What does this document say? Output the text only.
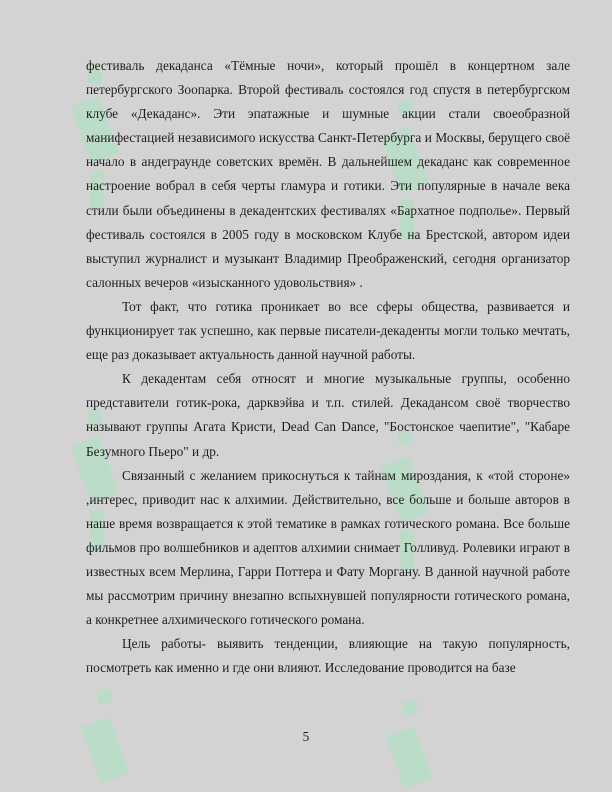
фестиваль декаданса «Тёмные ночи», который прошёл в концертном зале петербургского Зоопарка. Второй фестиваль состоялся год спустя в петербургском клубе «Декаданс». Эти эпатажные и шумные акции стали своеобразной манифестацией независимого искусства Санкт-Петербурга и Москвы, берущего своё начало в андеграунде советских времён. В дальнейшем декаданс как современное настроение вобрал в себя черты гламура и готики. Эти популярные в начале века стили были объединены в декадентских фестивалях «Бархатное подполье». Первый фестиваль состоялся в 2005 году в московском Клубе на Брестской, автором идеи выступил журналист и музыкант Владимир Преображенский, сегодня организатор салонных вечеров «изысканного удовольствия» .

Тот факт, что готика проникает во все сферы общества, развивается и функционирует так успешно, как первые писатели-декаденты могли только мечтать, еще раз доказывает актуальность данной научной работы.

К декадентам себя относят и многие музыкальные группы, особенно представители готик-рока, дарквэйва и т.п. стилей. Декадансом своё творчество называют группы Агата Кристи, Dead Can Dance, "Бостонское чаепитие", "Кабаре Безумного Пьеро" и др.

Связанный с желанием прикоснуться к тайнам мироздания, к «той стороне» ,интерес, приводит нас к алхимии. Действительно, все больше и больше авторов в наше время возвращается к этой тематике в рамках готического романа. Все больше фильмов про волшебников и адептов алхимии снимает Голливуд. Ролевики играют в известных всем Мерлина, Гарри Поттера и Фату Моргану. В данной научной работе мы рассмотрим причину внезапно вспыхнувшей популярности готического романа, а конкретнее алхимического готического романа.

Цель работы- выявить тенденции, влияющие на такую популярность, посмотреть как именно и где они влияют. Исследование проводится на базе

5
